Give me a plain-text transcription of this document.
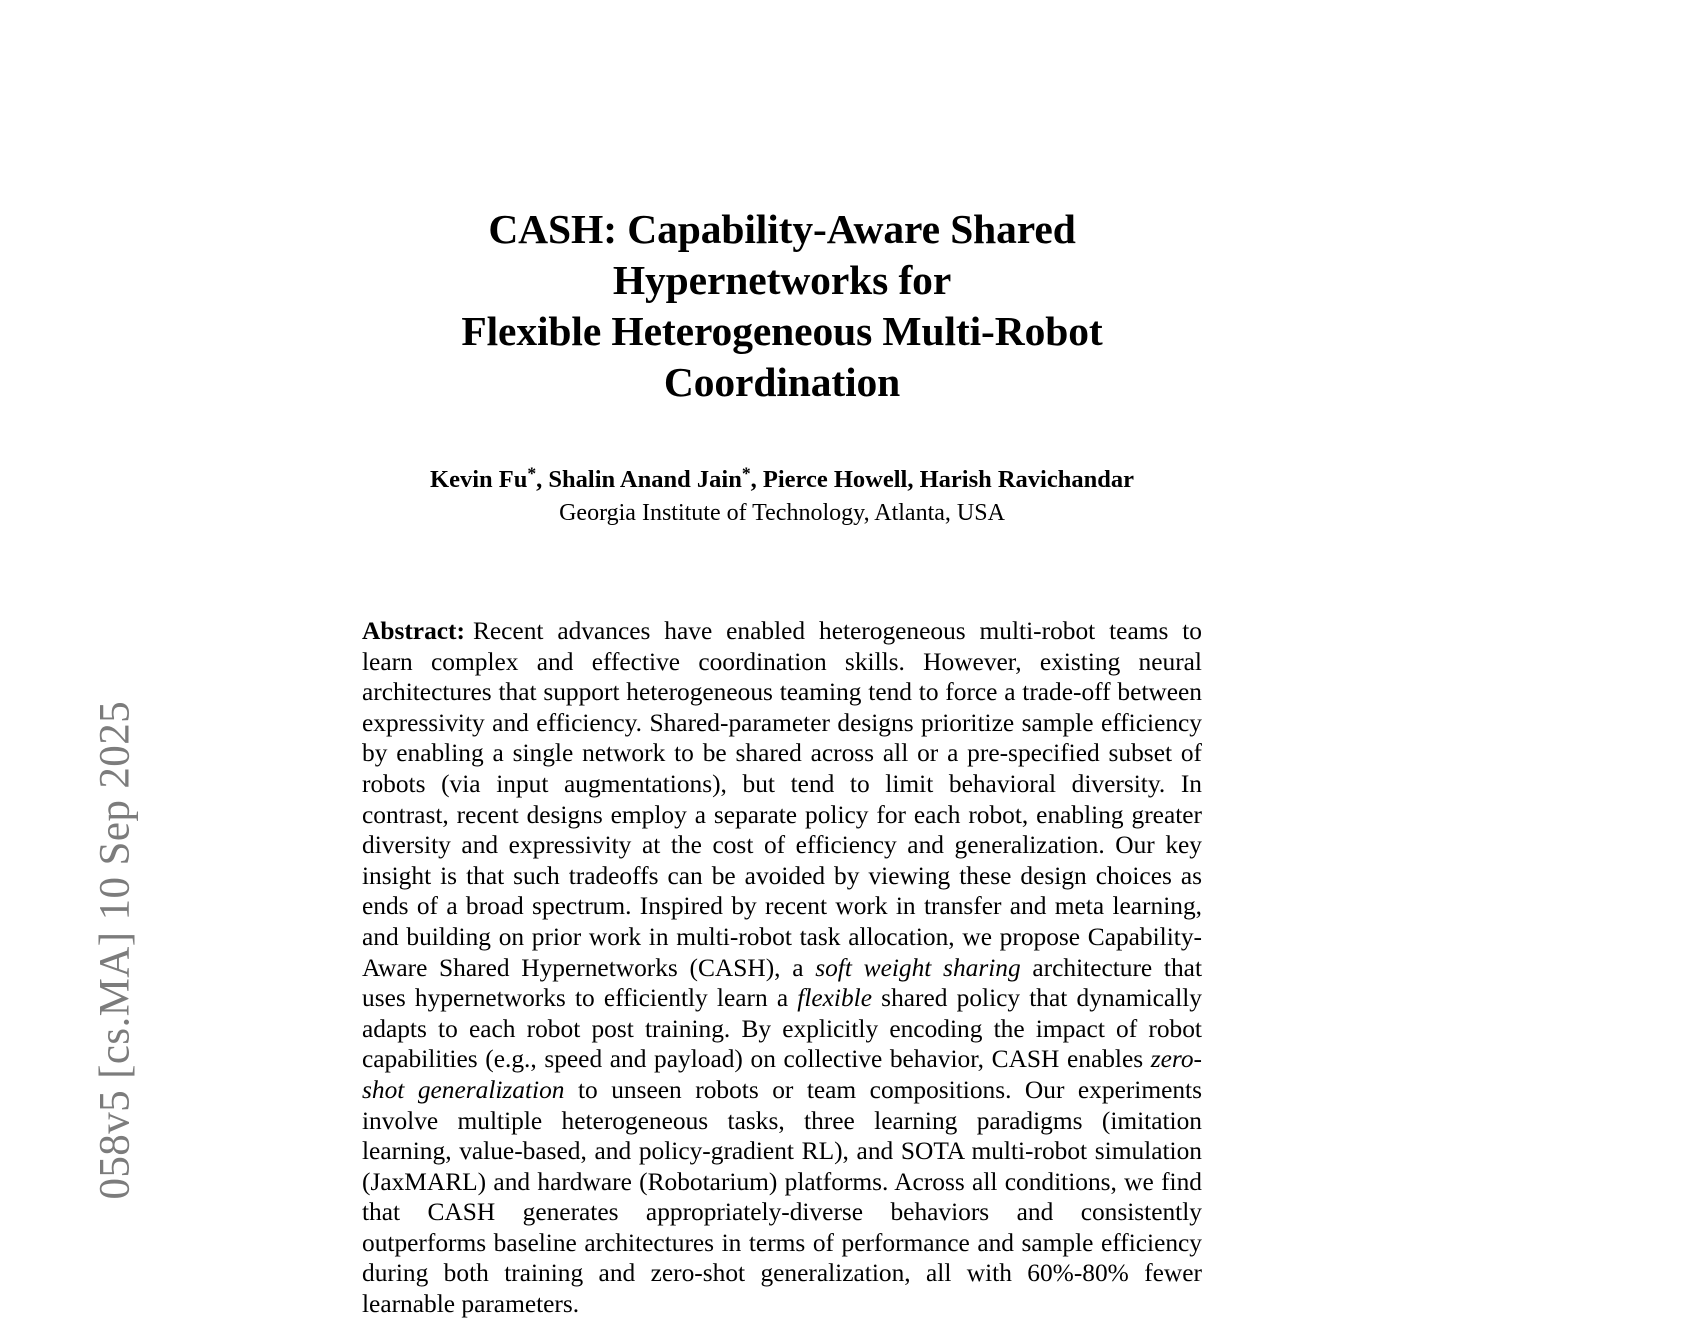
058v5 [cs.MA] 10 Sep 2025
CASH: Capability-Aware Shared Hypernetworks for
Flexible Heterogeneous Multi-Robot Coordination

Kevin Fu*, Shalin Anand Jain*, Pierce Howell, Harish Ravichandar

Georgia Institute of Technology, Atlanta, USA

Abstract: Recent advances have enabled heterogeneous multi-robot teams to learn complex and effective coordination skills. However, existing neural architectures that support heterogeneous teaming tend to force a trade-off between expressivity and efficiency. Shared-parameter designs prioritize sample efficiency by enabling a single network to be shared across all or a pre-specified subset of robots (via input augmentations), but tend to limit behavioral diversity. In contrast, recent designs employ a separate policy for each robot, enabling greater diversity and expressivity at the cost of efficiency and generalization. Our key insight is that such tradeoffs can be avoided by viewing these design choices as ends of a broad spectrum. Inspired by recent work in transfer and meta learning, and building on prior work in multi-robot task allocation, we propose Capability-Aware Shared Hypernetworks (CASH), a soft weight sharing architecture that uses hypernetworks to efficiently learn a flexible shared policy that dynamically adapts to each robot post training. By explicitly encoding the impact of robot capabilities (e.g., speed and payload) on collective behavior, CASH enables zero-shot generalization to unseen robots or team compositions. Our experiments involve multiple heterogeneous tasks, three learning paradigms (imitation learning, value-based, and policy-gradient RL), and SOTA multi-robot simulation (JaxMARL) and hardware (Robotarium) platforms. Across all conditions, we find that CASH generates appropriately-diverse behaviors and consistently outperforms baseline architectures in terms of performance and sample efficiency during both training and zero-shot generalization, all with 60%-80% fewer learnable parameters.
